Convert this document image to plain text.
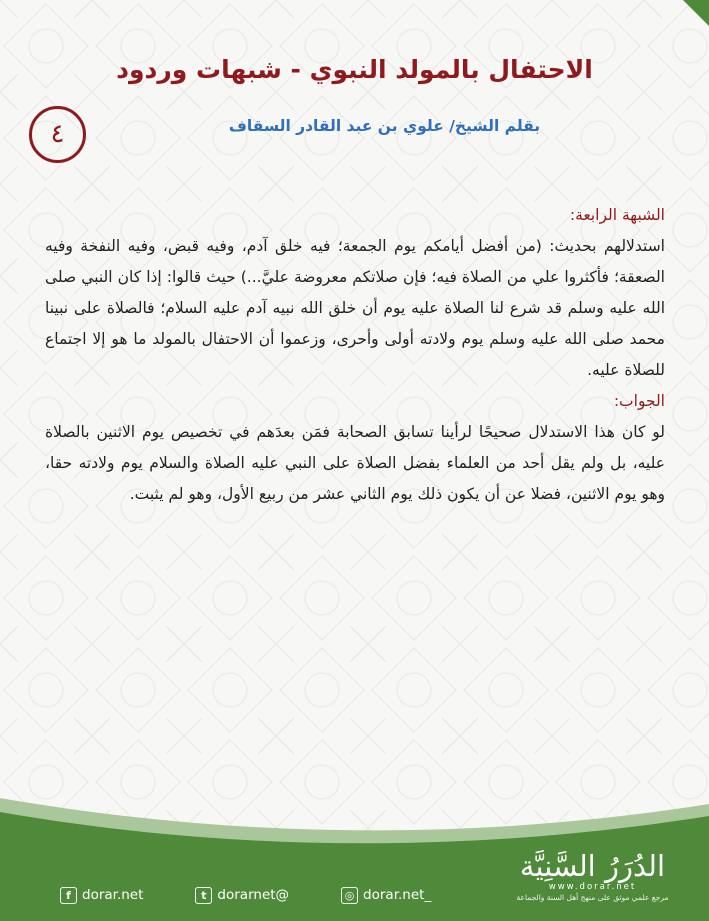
الاحتفال بالمولد النبوي - شبهات وردود
بقلم الشيخ/ علوي بن عبد القادر السقاف
٤

الشبهة الرابعة:

استدلالهم بحديث: (من أفضل أيامكم يوم الجمعة؛ فيه خلق آدم، وفيه قبض، وفيه النفخة وفيه الصعقة؛ فأكثروا علي من الصلاة فيه؛ فإن صلاتكم معروضة عليَّ...) حيث قالوا: إذا كان النبي صلى الله عليه وسلم قد شرع لنا الصلاة عليه يوم أن خلق الله نبيه آدم عليه السلام؛ فالصلاة على نبينا محمد صلى الله عليه وسلم يوم ولادته أولى وأحرى، وزعموا أن الاحتفال بالمولد ما هو إلا اجتماع للصلاة عليه.

الجواب:

لو كان هذا الاستدلال صحيحًا لرأينا تسابق الصحابة فمَن بعدَهم في تخصيص يوم الاثنين بالصلاة عليه، بل ولم يقل أحد من العلماء بفضل الصلاة على النبي عليه الصلاة والسلام يوم ولادته حقا، وهو يوم الاثنين، فضلا عن أن يكون ذلك يوم الثاني عشر من ربيع الأول، وهو لم يثبت.

f dorar.net	t dorarnet@	◎ dorar.net_
الدُرَرُ السَّنِيَّة
www.dorar.net
مرجع علمي موثق على منهج أهل السنة والجماعة
